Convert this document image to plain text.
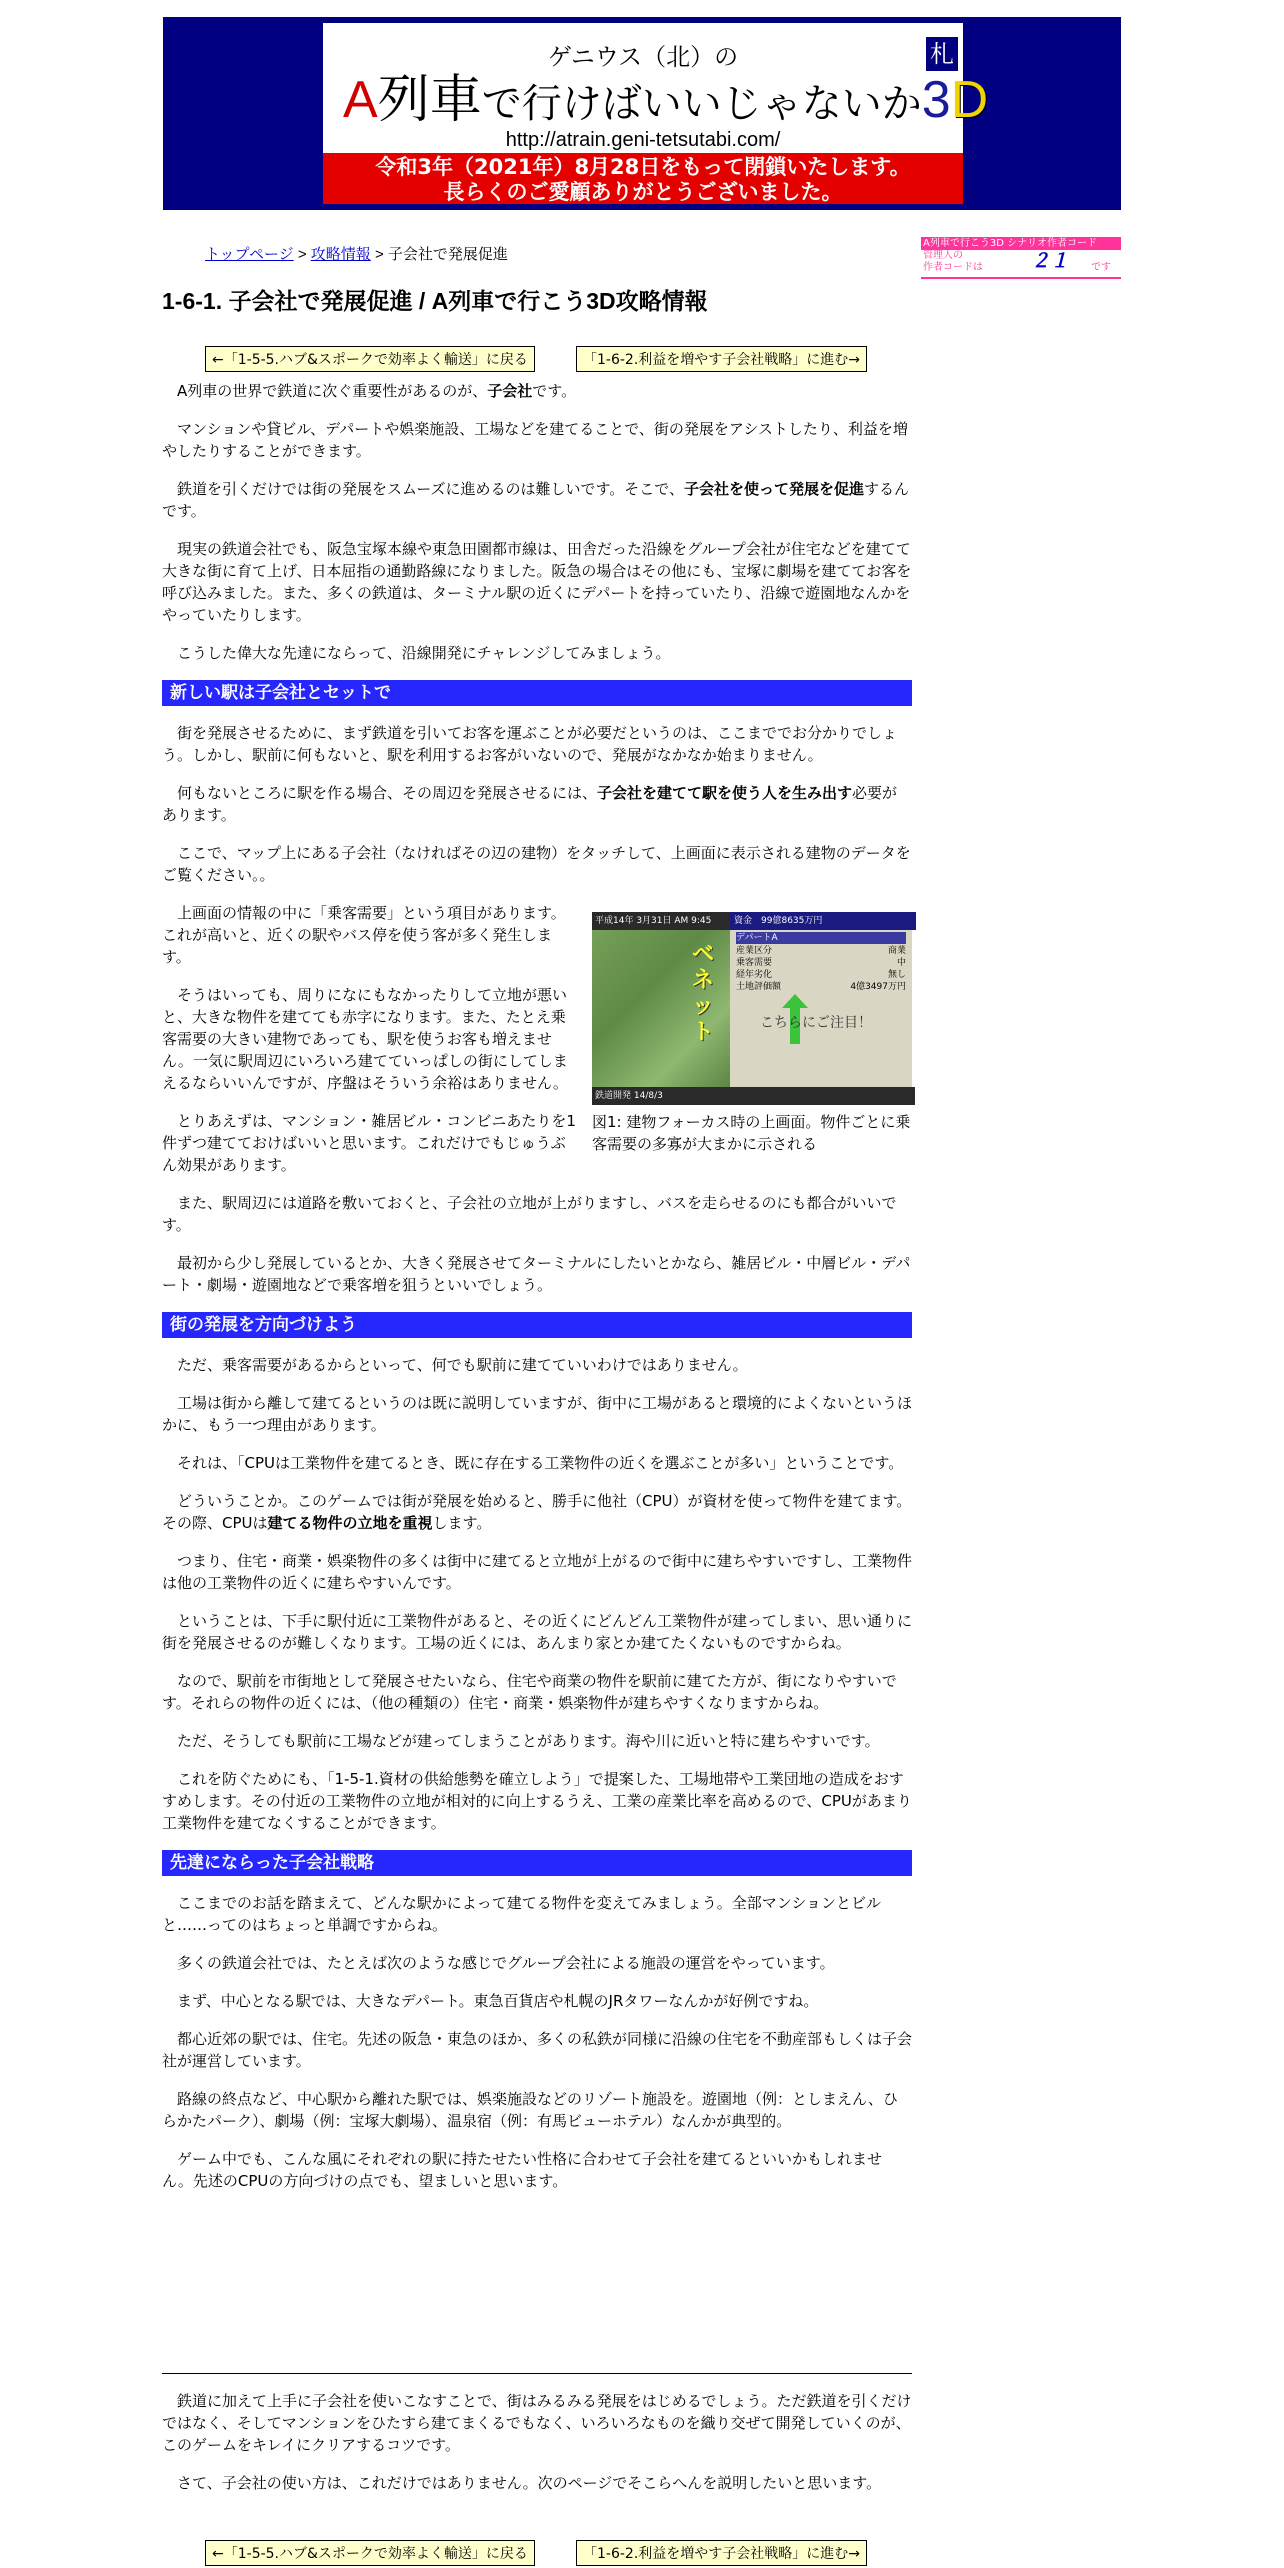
ゲニウス（北）の	札
A列車で行けばいいじゃないか3D
http://atrain.geni-tetsutabi.com/
令和3年（2021年）8月28日をもって閉鎖いたします。
長らくのご愛顧ありがとうございました。
トップページ > 攻略情報 > 子会社で発展促進
A列車で行こう3D シナリオ作者コード
管理人の
作者コードは	２１ です
1-6-1. 子会社で発展促進 / A列車で行こう3D攻略情報
←「1-5-5.ハブ&スポークで効率よく輸送」に戻る	「1-6-2.利益を増やす子会社戦略」に進む→

A列車の世界で鉄道に次ぐ重要性があるのが、子会社です。

マンションや貸ビル、デパートや娯楽施設、工場などを建てることで、街の発展をアシストしたり、利益を増やしたりすることができます。

鉄道を引くだけでは街の発展をスムーズに進めるのは難しいです。そこで、子会社を使って発展を促進するんです。

現実の鉄道会社でも、阪急宝塚本線や東急田園都市線は、田舎だった沿線をグループ会社が住宅などを建てて大きな街に育て上げ、日本屈指の通勤路線になりました。阪急の場合はその他にも、宝塚に劇場を建ててお客を呼び込みました。また、多くの鉄道は、ターミナル駅の近くにデパートを持っていたり、沿線で遊園地なんかをやっていたりします。

こうした偉大な先達にならって、沿線開発にチャレンジしてみましょう。

新しい駅は子会社とセットで

街を発展させるために、まず鉄道を引いてお客を運ぶことが必要だというのは、ここまででお分かりでしょう。しかし、駅前に何もないと、駅を利用するお客がいないので、発展がなかなか始まりません。

何もないところに駅を作る場合、その周辺を発展させるには、子会社を建てて駅を使う人を生み出す必要があります。

ここで、マップ上にある子会社（なければその辺の建物）をタッチして、上画面に表示される建物のデータをご覧ください。。

平成14年 3月31日 AM 9:45
ベネット
資金　 99億8635万円
デパートA
産業区分	商業
乗客需要	中
経年劣化	無し
土地評価額	4億3497万円
こちらにご注目！
鉄道開発 14/8/3
図1: 建物フォーカス時の上画面。物件ごとに乗客需要の多寡が大まかに示される

上画面の情報の中に「乗客需要」という項目があります。これが高いと、近くの駅やバス停を使う客が多く発生します。

そうはいっても、周りになにもなかったりして立地が悪いと、大きな物件を建てても赤字になります。また、たとえ乗客需要の大きい建物であっても、駅を使うお客も増えません。一気に駅周辺にいろいろ建てていっぱしの街にしてしまえるならいいんですが、序盤はそういう余裕はありません。

とりあえずは、マンション・雑居ビル・コンビニあたりを1件ずつ建てておけばいいと思います。これだけでもじゅうぶん効果があります。

また、駅周辺には道路を敷いておくと、子会社の立地が上がりますし、バスを走らせるのにも都合がいいです。

最初から少し発展しているとか、大きく発展させてターミナルにしたいとかなら、雑居ビル・中層ビル・デパート・劇場・遊園地などで乗客増を狙うといいでしょう。

街の発展を方向づけよう

ただ、乗客需要があるからといって、何でも駅前に建てていいわけではありません。

工場は街から離して建てるというのは既に説明していますが、街中に工場があると環境的によくないというほかに、もう一つ理由があります。

それは、「CPUは工業物件を建てるとき、既に存在する工業物件の近くを選ぶことが多い」ということです。

どういうことか。このゲームでは街が発展を始めると、勝手に他社（CPU）が資材を使って物件を建てます。その際、CPUは建てる物件の立地を重視します。

つまり、住宅・商業・娯楽物件の多くは街中に建てると立地が上がるので街中に建ちやすいですし、工業物件は他の工業物件の近くに建ちやすいんです。

ということは、下手に駅付近に工業物件があると、その近くにどんどん工業物件が建ってしまい、思い通りに街を発展させるのが難しくなります。工場の近くには、あんまり家とか建てたくないものですからね。

なので、駅前を市街地として発展させたいなら、住宅や商業の物件を駅前に建てた方が、街になりやすいです。それらの物件の近くには、（他の種類の）住宅・商業・娯楽物件が建ちやすくなりますからね。

ただ、そうしても駅前に工場などが建ってしまうことがあります。海や川に近いと特に建ちやすいです。

これを防ぐためにも、「1-5-1.資材の供給態勢を確立しよう」で提案した、工場地帯や工業団地の造成をおすすめします。その付近の工業物件の立地が相対的に向上するうえ、工業の産業比率を高めるので、CPUがあまり工業物件を建てなくすることができます。

先達にならった子会社戦略

ここまでのお話を踏まえて、どんな駅かによって建てる物件を変えてみましょう。全部マンションとビルと……ってのはちょっと単調ですからね。

多くの鉄道会社では、たとえば次のような感じでグループ会社による施設の運営をやっています。

まず、中心となる駅では、大きなデパート。東急百貨店や札幌のJRタワーなんかが好例ですね。

都心近郊の駅では、住宅。先述の阪急・東急のほか、多くの私鉄が同様に沿線の住宅を不動産部もしくは子会社が運営しています。

路線の終点など、中心駅から離れた駅では、娯楽施設などのリゾート施設を。遊園地（例：としまえん、ひらかたパーク）、劇場（例：宝塚大劇場）、温泉宿（例：有馬ビューホテル）なんかが典型的。

ゲーム中でも、こんな風にそれぞれの駅に持たせたい性格に合わせて子会社を建てるといいかもしれません。先述のCPUの方向づけの点でも、望ましいと思います。

鉄道に加えて上手に子会社を使いこなすことで、街はみるみる発展をはじめるでしょう。ただ鉄道を引くだけではなく、そしてマンションをひたすら建てまくるでもなく、いろいろなものを織り交ぜて開発していくのが、このゲームをキレイにクリアするコツです。

さて、子会社の使い方は、これだけではありません。次のページでそこらへんを説明したいと思います。

←「1-5-5.ハブ&スポークで効率よく輸送」に戻る	「1-6-2.利益を増やす子会社戦略」に進む→
